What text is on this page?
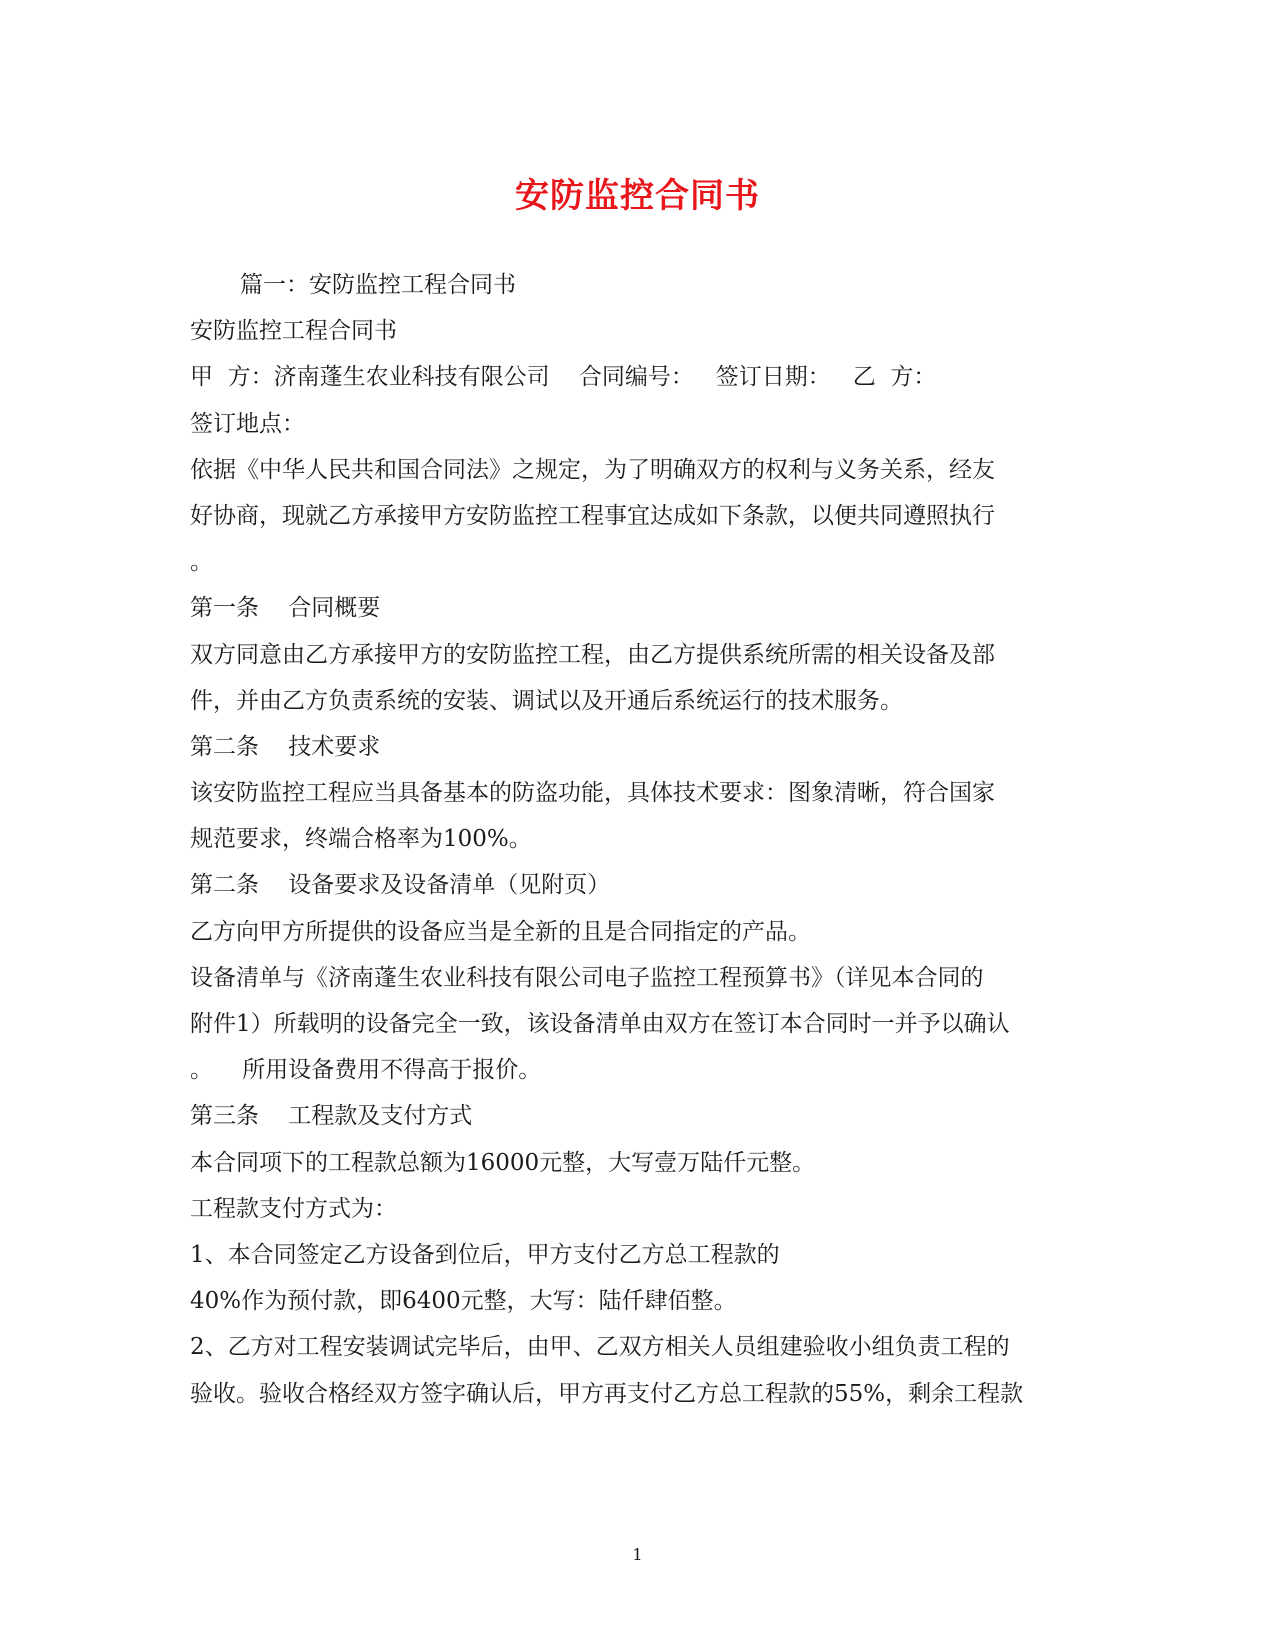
安防监控合同书
篇一：安防监控工程合同书
安防监控工程合同书
甲  方：济南蓬生农业科技有限公司    合同编号：   签订日期：   乙  方：
签订地点：
依据《中华人民共和国合同法》之规定，为了明确双方的权利与义务关系，经友
好协商，现就乙方承接甲方安防监控工程事宜达成如下条款，以便共同遵照执行
。
第一条    合同概要
双方同意由乙方承接甲方的安防监控工程，由乙方提供系统所需的相关设备及部
件，并由乙方负责系统的安装、调试以及开通后系统运行的技术服务。
第二条    技术要求
该安防监控工程应当具备基本的防盗功能，具体技术要求：图象清晰，符合国家
规范要求，终端合格率为100%。
第二条    设备要求及设备清单（见附页）
乙方向甲方所提供的设备应当是全新的且是合同指定的产品。
设备清单与《济南蓬生农业科技有限公司电子监控工程预算书》（详见本合同的
附件1）所载明的设备完全一致，该设备清单由双方在签订本合同时一并予以确认
。    所用设备费用不得高于报价。
第三条    工程款及支付方式
本合同项下的工程款总额为16000元整，大写壹万陆仟元整。
工程款支付方式为：
1、本合同签定乙方设备到位后，甲方支付乙方总工程款的
40%作为预付款，即6400元整，大写：陆仟肆佰整。
2、乙方对工程安装调试完毕后，由甲、乙双方相关人员组建验收小组负责工程的
验收。验收合格经双方签字确认后，甲方再支付乙方总工程款的55%，剩余工程款
1
